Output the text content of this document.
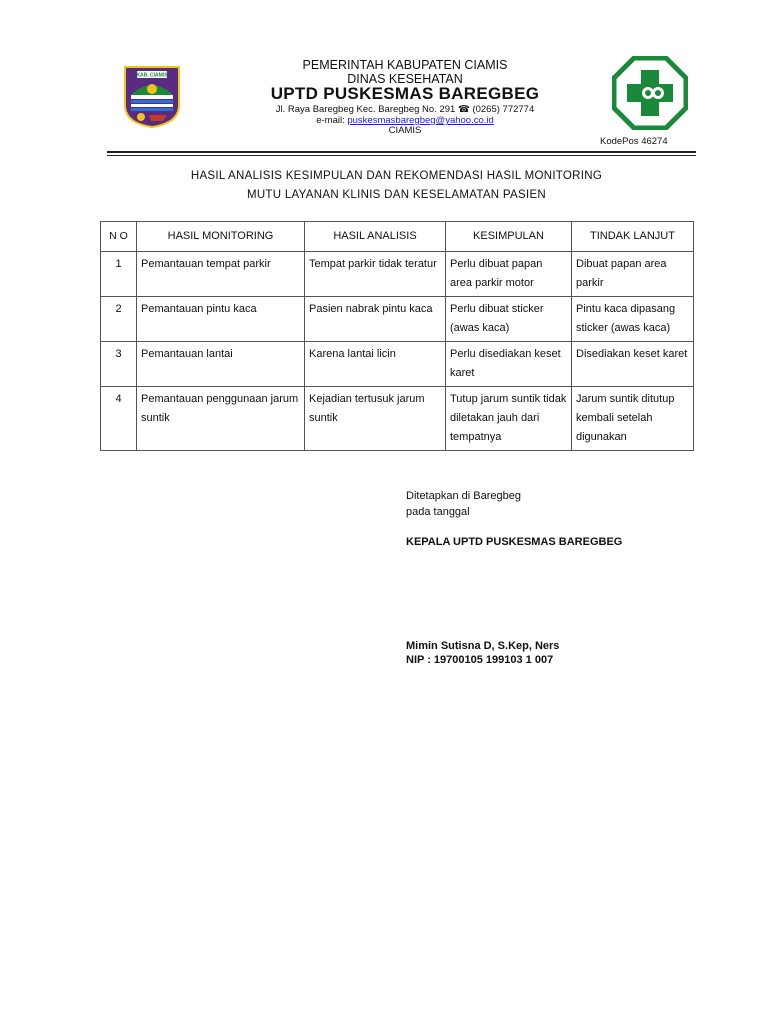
KAB. CIAMIS
PEMERINTAH KABUPATEN CIAMIS
DINAS KESEHATAN
UPTD PUSKESMAS BAREGBEG
Jl. Raya Baregbeg Kec. Baregbeg No. 291 ☎ (0265) 772774
e-mail: puskesmasbaregbeg@yahoo.co.id
CIAMIS
KodePos 46274
HASIL ANALISIS KESIMPULAN DAN REKOMENDASI HASIL MONITORING
MUTU LAYANAN KLINIS DAN KESELAMATAN PASIEN
N O	HASIL MONITORING	HASIL ANALISIS	KESIMPULAN	TINDAK LANJUT
1	Pemantauan tempat parkir	Tempat parkir tidak teratur	Perlu dibuat papan area parkir motor	Dibuat papan area parkir
2	Pemantauan pintu kaca	Pasien nabrak pintu kaca	Perlu dibuat sticker (awas kaca)	Pintu kaca dipasang sticker (awas kaca)
3	Pemantauan lantai	Karena lantai licin	Perlu disediakan keset karet	Disediakan keset karet
4	Pemantauan penggunaan jarum suntik	Kejadian tertusuk jarum suntik	Tutup jarum suntik tidak diletakan jauh dari tempatnya	Jarum suntik ditutup kembali setelah digunakan
Ditetapkan di Baregbeg
pada tanggal
KEPALA UPTD PUSKESMAS BAREGBEG
Mimin Sutisna D, S.Kep, Ners
NIP : 19700105 199103 1 007
